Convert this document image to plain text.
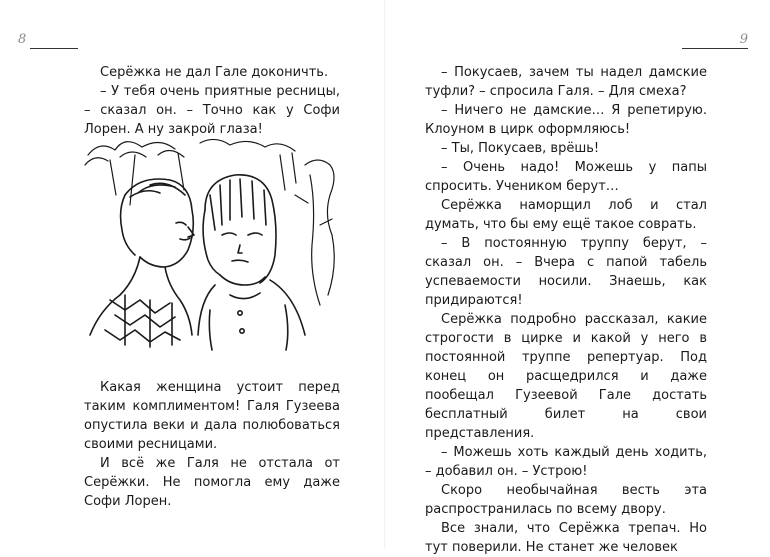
8

Серёжка не дал Гале доконичть.

– У тебя очень приятные ресницы, – сказал он. – Точно как у Софи Лорен. А ну закрой глаза!

Какая женщина устоит перед таким комплиментом! Галя Гузеева опустила веки и дала полюбоваться своими ресницами.

И всё же Галя не отстала от Серёжки. Не помогла ему даже Софи Лорен.

9

– Покусаев, зачем ты надел дамские туфли? – спросила Галя. – Для смеха?

– Ничего не дамские… Я репетирую. Клоуном в цирк оформляюсь!

– Ты, Покусаев, врёшь!

– Очень надо! Можешь у папы спросить. Учеником берут…

Серёжка наморщил лоб и стал думать, что бы ему ещё такое соврать.

– В постоянную труппу берут, – сказал он. – Вчера с папой табель успеваемости носили. Знаешь, как придираются!

Серёжка подробно рассказал, какие строгости в цирке и какой у него в постоянной труппе репертуар. Под конец он расщедрился и даже пообещал Гузеевой Гале достать бесплатный билет на свои представления.

– Можешь хоть каждый день ходить, – добавил он. – Устрою!

Скоро необычайная весть эта распространилась по всему двору.

Все знали, что Серёжка трепач. Но тут поверили. Не станет же человек
